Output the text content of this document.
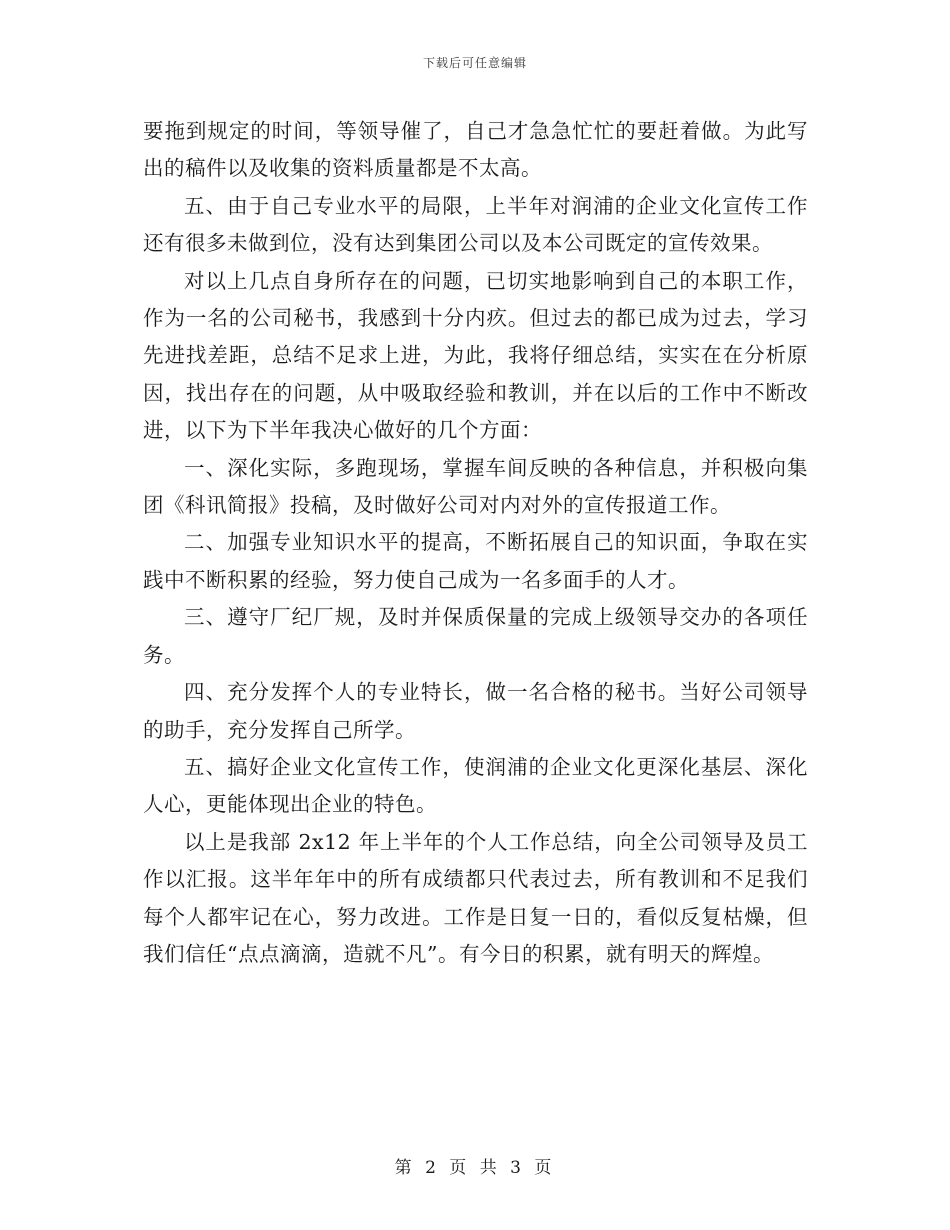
下载后可任意编辑

要拖到规定的时间，等领导催了，自己才急急忙忙的要赶着做。为此写出的稿件以及收集的资料质量都是不太高。

五、由于自己专业水平的局限，上半年对润浦的企业文化宣传工作还有很多未做到位，没有达到集团公司以及本公司既定的宣传效果。

对以上几点自身所存在的问题，已切实地影响到自己的本职工作，作为一名的公司秘书，我感到十分内疚。但过去的都已成为过去，学习先进找差距，总结不足求上进，为此，我将仔细总结，实实在在分析原因，找出存在的问题，从中吸取经验和教训，并在以后的工作中不断改进，以下为下半年我决心做好的几个方面：

一、深化实际，多跑现场，掌握车间反映的各种信息，并积极向集团《科讯简报》投稿，及时做好公司对内对外的宣传报道工作。

二、加强专业知识水平的提高，不断拓展自己的知识面，争取在实践中不断积累的经验，努力使自己成为一名多面手的人才。

三、遵守厂纪厂规，及时并保质保量的完成上级领导交办的各项任务。

四、充分发挥个人的专业特长，做一名合格的秘书。当好公司领导的助手，充分发挥自己所学。

五、搞好企业文化宣传工作，使润浦的企业文化更深化基层、深化人心，更能体现出企业的特色。

以上是我部 2x12 年上半年的个人工作总结，向全公司领导及员工作以汇报。这半年年中的所有成绩都只代表过去，所有教训和不足我们每个人都牢记在心，努力改进。工作是日复一日的，看似反复枯燥，但我们信任“点点滴滴，造就不凡”。有今日的积累，就有明天的辉煌。

第 2 页 共 3 页
